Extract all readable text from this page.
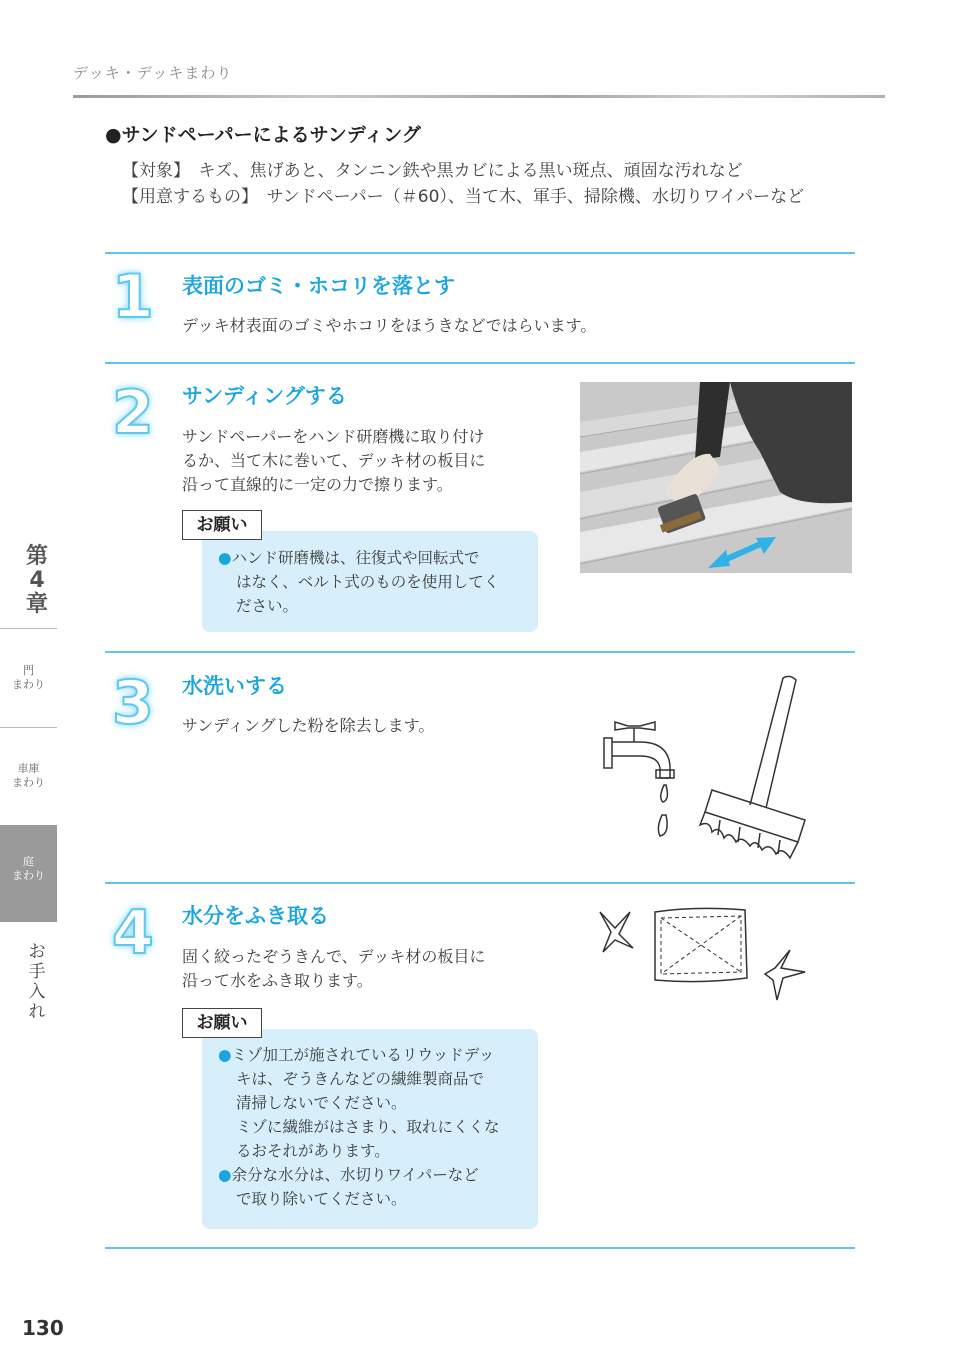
デッキ・デッキまわり
●サンドペーパーによるサンディング
【対象】　キズ、焦げあと、タンニン鉄や黒カビによる黒い斑点、頑固な汚れなど
【用意するもの】　サンドペーパー（＃60）、当て木、軍手、掃除機、水切りワイパーなど
1 表面のゴミ・ホコリを落とす
デッキ材表面のゴミやホコリをほうきなどではらいます。
2 サンディングする
サンドペーパーをハンド研磨機に取り付け
るか、当て木に巻いて、デッキ材の板目に
沿って直線的に一定の力で擦ります。
お願い
●ハンド研磨機は、往復式や回転式で
はなく、ベルト式のものを使用してく
ださい。
3 水洗いする
サンディングした粉を除去します。
4 水分をふき取る
固く絞ったぞうきんで、デッキ材の板目に
沿って水をふき取ります。
お願い
●ミゾ加工が施されているリウッドデッ
キは、ぞうきんなどの繊維製商品で
清掃しないでください。
ミゾに繊維がはさまり、取れにくくな
るおそれがあります。
●余分な水分は、水切りワイパーなど
で取り除いてください。
第
4
章
門
まわり
車庫
まわり
庭
まわり
お
手
入
れ
130
